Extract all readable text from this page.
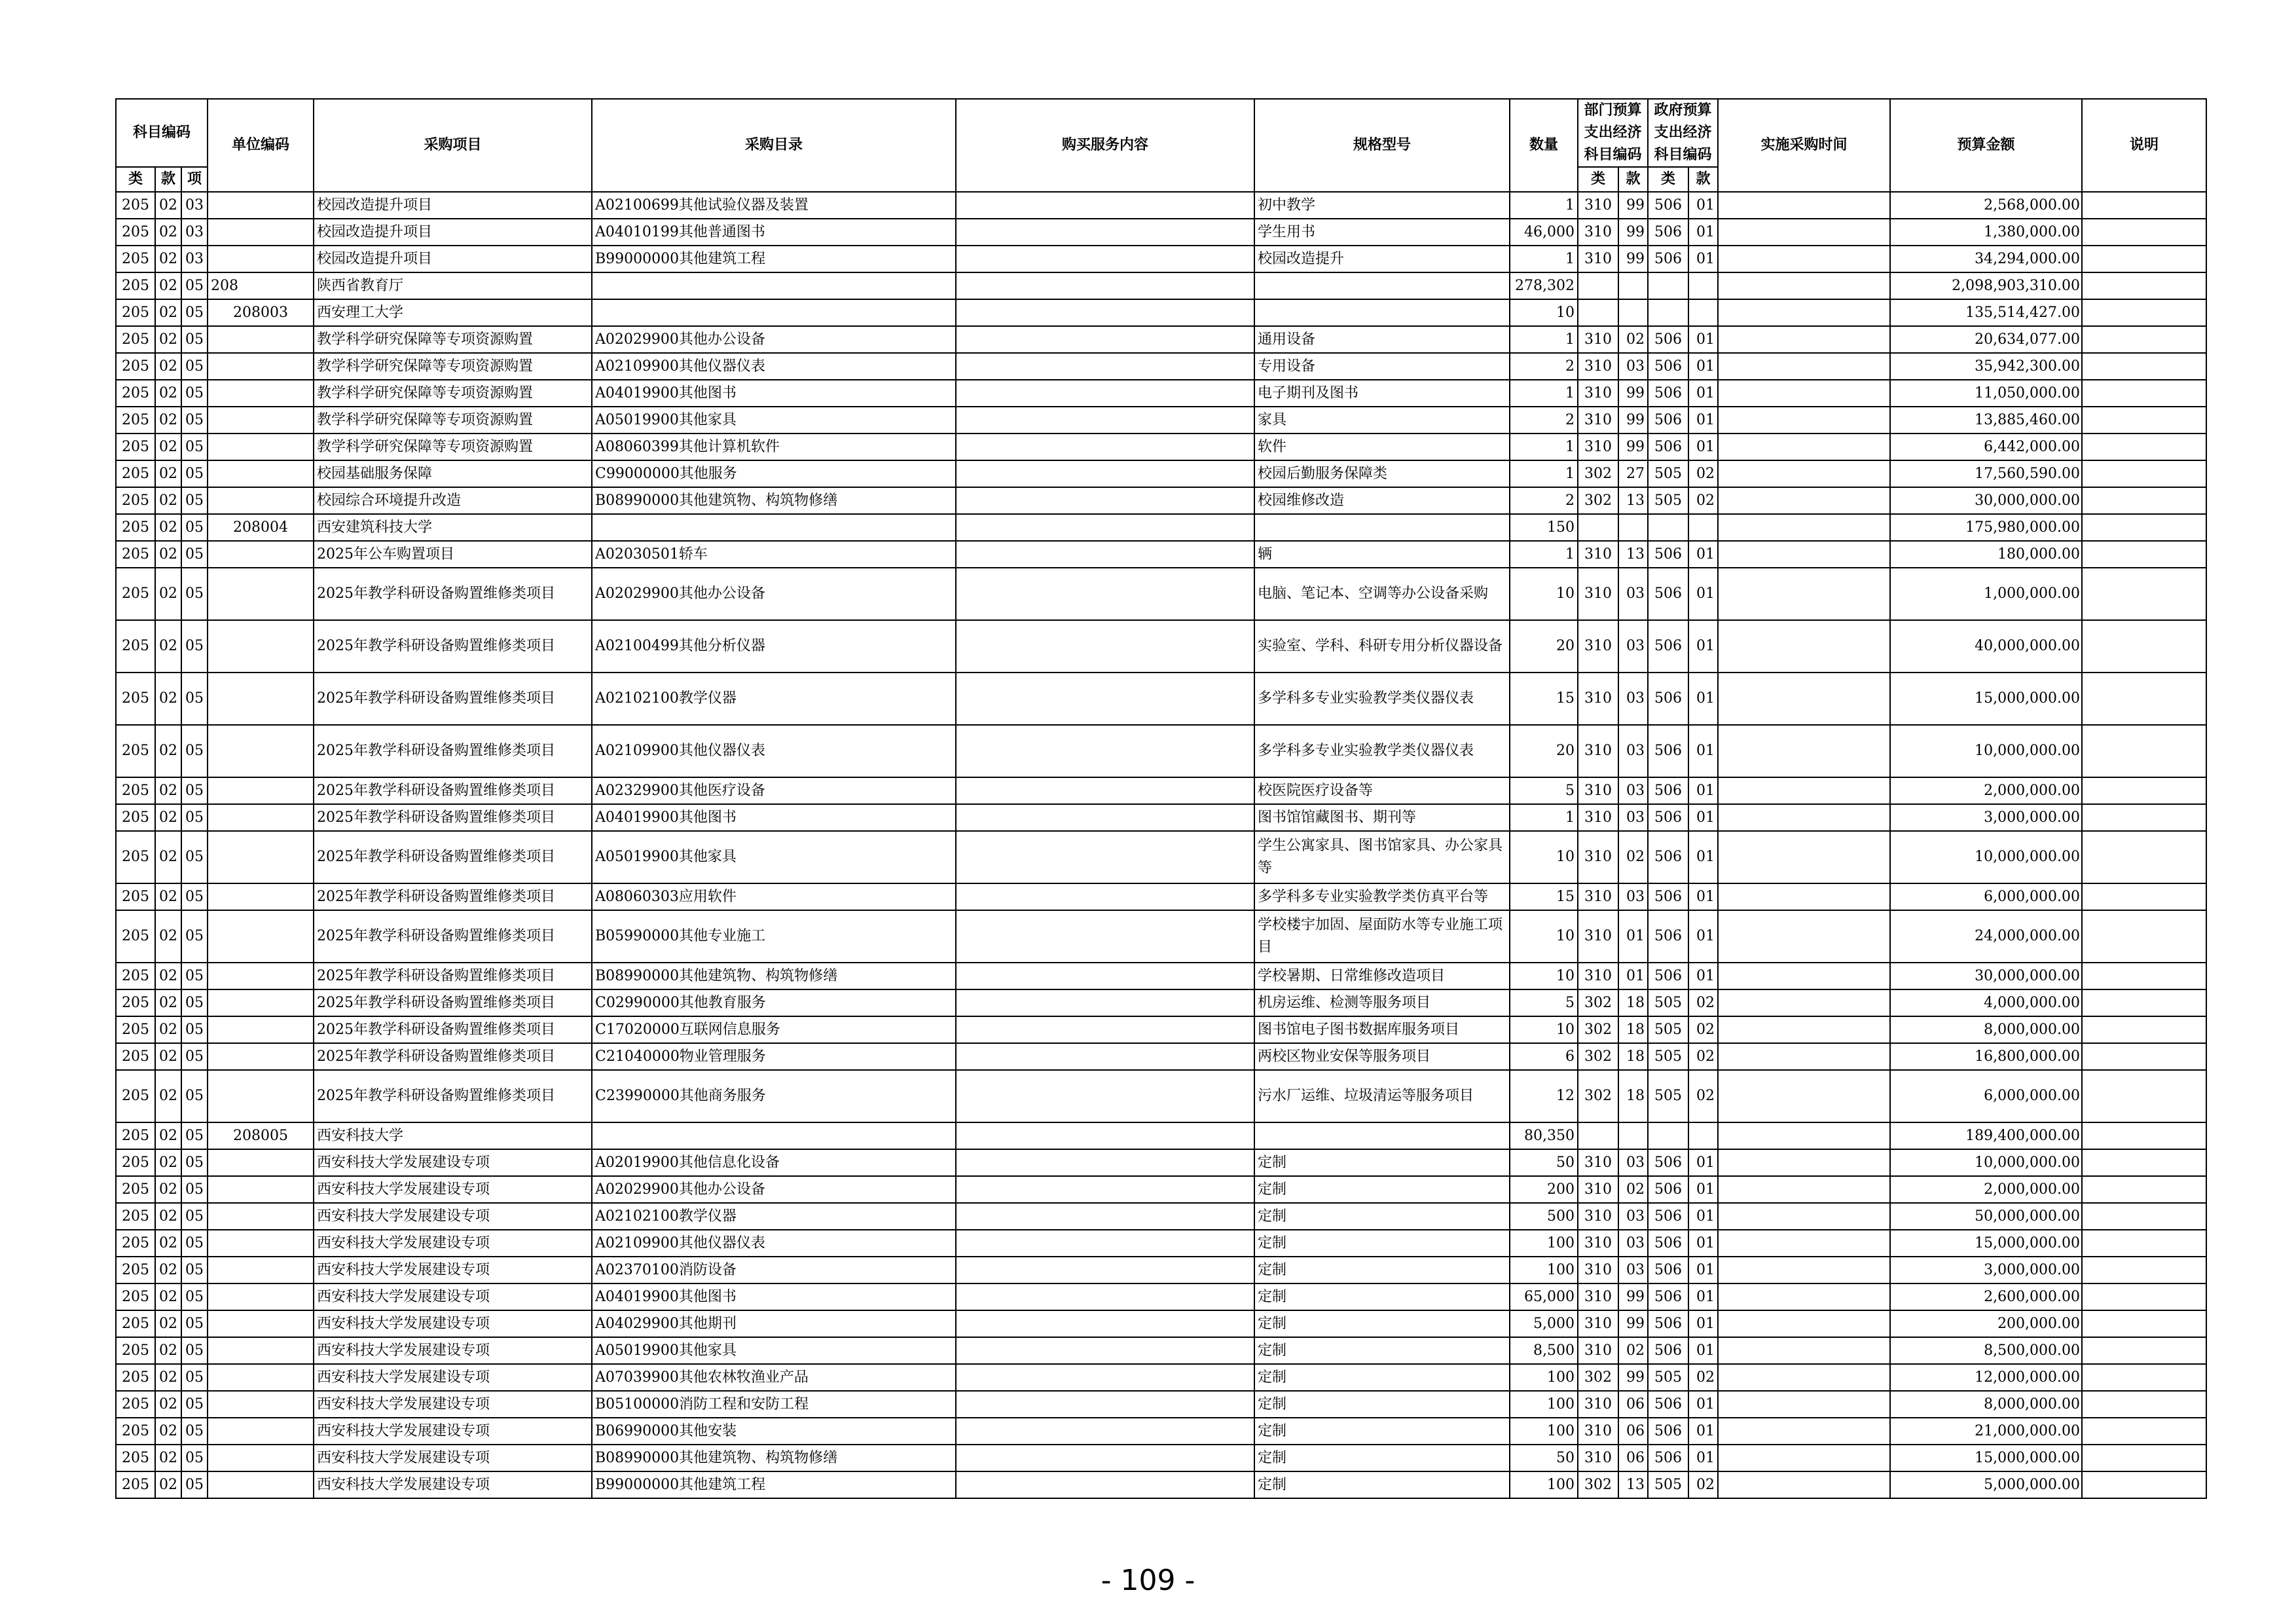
科目编码			单位编码	采购项目	采购目录	购买服务内容	规格型号	数量	部门预算支出经济科目编码		政府预算支出经济科目编码		实施采购时间	预算金额	说明

类	款	项							类	款	类	款			
205	02	03		校园改造提升项目	A02100699其他试验仪器及装置		初中教学	1	310	99	506	01		2,568,000.00	
205	02	03		校园改造提升项目	A04010199其他普通图书		学生用书	46,000	310	99	506	01		1,380,000.00	
205	02	03		校园改造提升项目	B99000000其他建筑工程		校园改造提升	1	310	99	506	01		34,294,000.00	
205	02	05	208	陕西省教育厅				278,302						2,098,903,310.00	
205	02	05	208003	西安理工大学				10						135,514,427.00	
205	02	05		教学科学研究保障等专项资源购置	A02029900其他办公设备		通用设备	1	310	02	506	01		20,634,077.00	
205	02	05		教学科学研究保障等专项资源购置	A02109900其他仪器仪表		专用设备	2	310	03	506	01		35,942,300.00	
205	02	05		教学科学研究保障等专项资源购置	A04019900其他图书		电子期刊及图书	1	310	99	506	01		11,050,000.00	
205	02	05		教学科学研究保障等专项资源购置	A05019900其他家具		家具	2	310	99	506	01		13,885,460.00	
205	02	05		教学科学研究保障等专项资源购置	A08060399其他计算机软件		软件	1	310	99	506	01		6,442,000.00	
205	02	05		校园基础服务保障	C99000000其他服务		校园后勤服务保障类	1	302	27	505	02		17,560,590.00	
205	02	05		校园综合环境提升改造	B08990000其他建筑物、构筑物修缮		校园维修改造	2	302	13	505	02		30,000,000.00	
205	02	05	208004	西安建筑科技大学				150						175,980,000.00	
205	02	05		2025年公车购置项目	A02030501轿车		辆	1	310	13	506	01		180,000.00	
205	02	05		2025年教学科研设备购置维修类项目	A02029900其他办公设备		电脑、笔记本、空调等办公设备采购	10	310	03	506	01		1,000,000.00	
205	02	05		2025年教学科研设备购置维修类项目	A02100499其他分析仪器		实验室、学科、科研专用分析仪器设备	20	310	03	506	01		40,000,000.00	
205	02	05		2025年教学科研设备购置维修类项目	A02102100教学仪器		多学科多专业实验教学类仪器仪表	15	310	03	506	01		15,000,000.00	
205	02	05		2025年教学科研设备购置维修类项目	A02109900其他仪器仪表		多学科多专业实验教学类仪器仪表	20	310	03	506	01		10,000,000.00	
205	02	05		2025年教学科研设备购置维修类项目	A02329900其他医疗设备		校医院医疗设备等	5	310	03	506	01		2,000,000.00	
205	02	05		2025年教学科研设备购置维修类项目	A04019900其他图书		图书馆馆藏图书、期刊等	1	310	03	506	01		3,000,000.00	
205	02	05		2025年教学科研设备购置维修类项目	A05019900其他家具		学生公寓家具、图书馆家具、办公家具等	10	310	02	506	01		10,000,000.00	
205	02	05		2025年教学科研设备购置维修类项目	A08060303应用软件		多学科多专业实验教学类仿真平台等	15	310	03	506	01		6,000,000.00	
205	02	05		2025年教学科研设备购置维修类项目	B05990000其他专业施工		学校楼宇加固、屋面防水等专业施工项目	10	310	01	506	01		24,000,000.00	
205	02	05		2025年教学科研设备购置维修类项目	B08990000其他建筑物、构筑物修缮		学校暑期、日常维修改造项目	10	310	01	506	01		30,000,000.00	
205	02	05		2025年教学科研设备购置维修类项目	C02990000其他教育服务		机房运维、检测等服务项目	5	302	18	505	02		4,000,000.00	
205	02	05		2025年教学科研设备购置维修类项目	C17020000互联网信息服务		图书馆电子图书数据库服务项目	10	302	18	505	02		8,000,000.00	
205	02	05		2025年教学科研设备购置维修类项目	C21040000物业管理服务		两校区物业安保等服务项目	6	302	18	505	02		16,800,000.00	
205	02	05		2025年教学科研设备购置维修类项目	C23990000其他商务服务		污水厂运维、垃圾清运等服务项目	12	302	18	505	02		6,000,000.00	
205	02	05	208005	西安科技大学				80,350						189,400,000.00	
205	02	05		西安科技大学发展建设专项	A02019900其他信息化设备		定制	50	310	03	506	01		10,000,000.00	
205	02	05		西安科技大学发展建设专项	A02029900其他办公设备		定制	200	310	02	506	01		2,000,000.00	
205	02	05		西安科技大学发展建设专项	A02102100教学仪器		定制	500	310	03	506	01		50,000,000.00	
205	02	05		西安科技大学发展建设专项	A02109900其他仪器仪表		定制	100	310	03	506	01		15,000,000.00	
205	02	05		西安科技大学发展建设专项	A02370100消防设备		定制	100	310	03	506	01		3,000,000.00	
205	02	05		西安科技大学发展建设专项	A04019900其他图书		定制	65,000	310	99	506	01		2,600,000.00	
205	02	05		西安科技大学发展建设专项	A04029900其他期刊		定制	5,000	310	99	506	01		200,000.00	
205	02	05		西安科技大学发展建设专项	A05019900其他家具		定制	8,500	310	02	506	01		8,500,000.00	
205	02	05		西安科技大学发展建设专项	A07039900其他农林牧渔业产品		定制	100	302	99	505	02		12,000,000.00	
205	02	05		西安科技大学发展建设专项	B05100000消防工程和安防工程		定制	100	310	06	506	01		8,000,000.00	
205	02	05		西安科技大学发展建设专项	B06990000其他安装		定制	100	310	06	506	01		21,000,000.00	
205	02	05		西安科技大学发展建设专项	B08990000其他建筑物、构筑物修缮		定制	50	310	06	506	01		15,000,000.00	
205	02	05		西安科技大学发展建设专项	B99000000其他建筑工程		定制	100	302	13	505	02		5,000,000.00	
- 109 -
